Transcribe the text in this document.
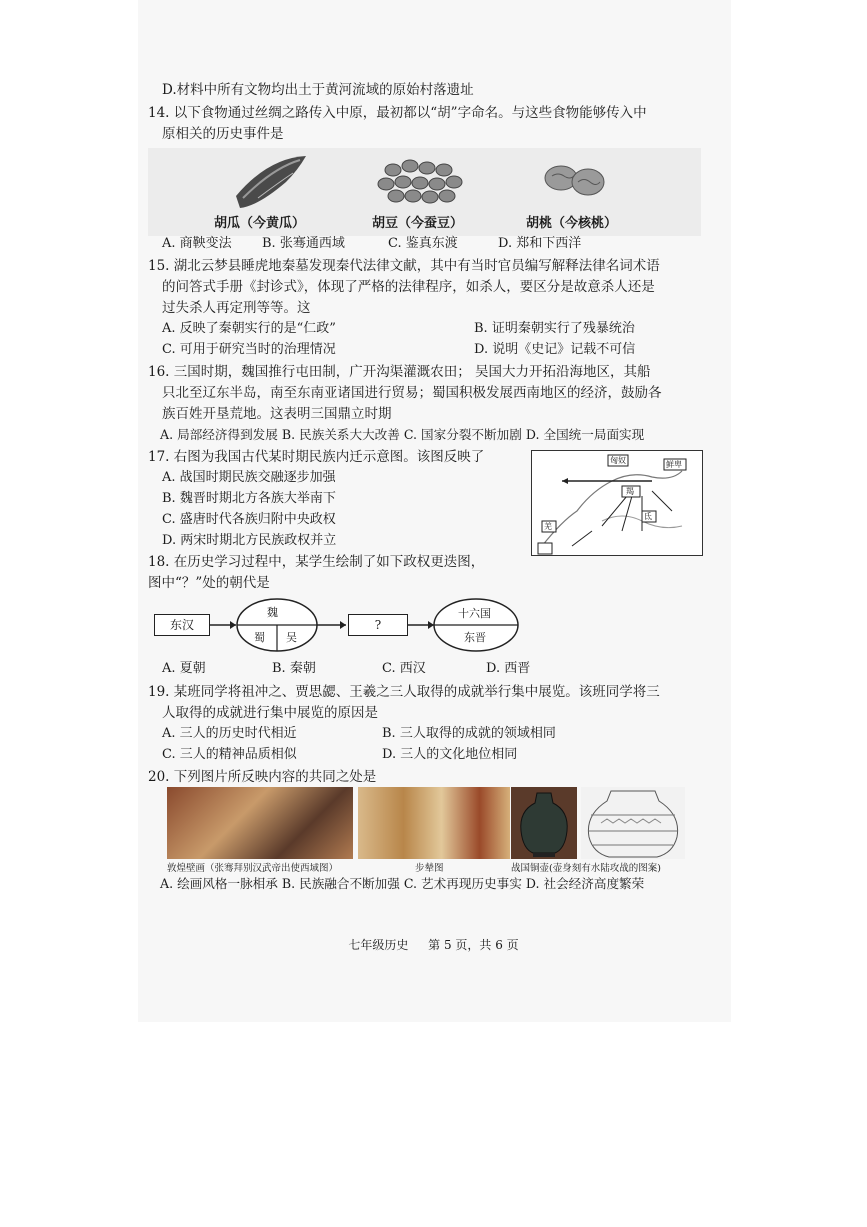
D.材料中所有文物均出土于黄河流域的原始村落遗址
14. 以下食物通过丝绸之路传入中原，最初都以“胡”字命名。与这些食物能够传入中
原相关的历史事件是
胡瓜（今黄瓜）	胡豆（今蚕豆）	胡桃（今核桃）
A. 商鞅变法 B. 张骞通西域	C. 鉴真东渡	D. 郑和下西洋
15. 湖北云梦县睡虎地秦墓发现秦代法律文献，其中有当时官员编写解释法律名词术语
的问答式手册《封诊式》，体现了严格的法律程序，如杀人，要区分是故意杀人还是
过失杀人再定刑等等。这
A. 反映了秦朝实行的是“仁政”	B. 证明秦朝实行了残暴统治
C. 可用于研究当时的治理情况	D. 说明《史记》记载不可信
16. 三国时期，魏国推行屯田制，广开沟渠灌溉农田； 吴国大力开拓沿海地区，其船
只北至辽东半岛，南至东南亚诸国进行贸易；蜀国积极发展西南地区的经济，鼓励各
族百姓开垦荒地。这表明三国鼎立时期
A. 局部经济得到发展 B. 民族关系大大改善 C. 国家分裂不断加剧 D. 全国统一局面实现
17. 右图为我国古代某时期民族内迁示意图。该图反映了
A. 战国时期民族交融逐步加强
B. 魏晋时期北方各族大举南下
C. 盛唐时代各族归附中央政权
D. 两宋时期北方民族政权并立
匈奴	鲜卑
羯
氐
羌
18. 在历史学习过程中，某学生绘制了如下政权更迭图，
图中“？”处的朝代是
东汉
魏
蜀 吴
?
十六国
东晋
A. 夏朝	B. 秦朝	C. 西汉	D. 西晋
19. 某班同学将祖冲之、贾思勰、王羲之三人取得的成就举行集中展览。该班同学将三
人取得的成就进行集中展览的原因是
A. 三人的历史时代相近	B. 三人取得的成就的领域相同
C. 三人的精神品质相似	D. 三人的文化地位相同
20. 下列图片所反映内容的共同之处是
敦煌壁画（张骞拜别汉武帝出使西域图）	步辇图	战国铜壶(壶身刻有水陆攻战的图案)
A. 绘画风格一脉相承 B. 民族融合不断加强 C. 艺术再现历史事实 D. 社会经济高度繁荣
七年级历史 第 5 页，共 6 页
